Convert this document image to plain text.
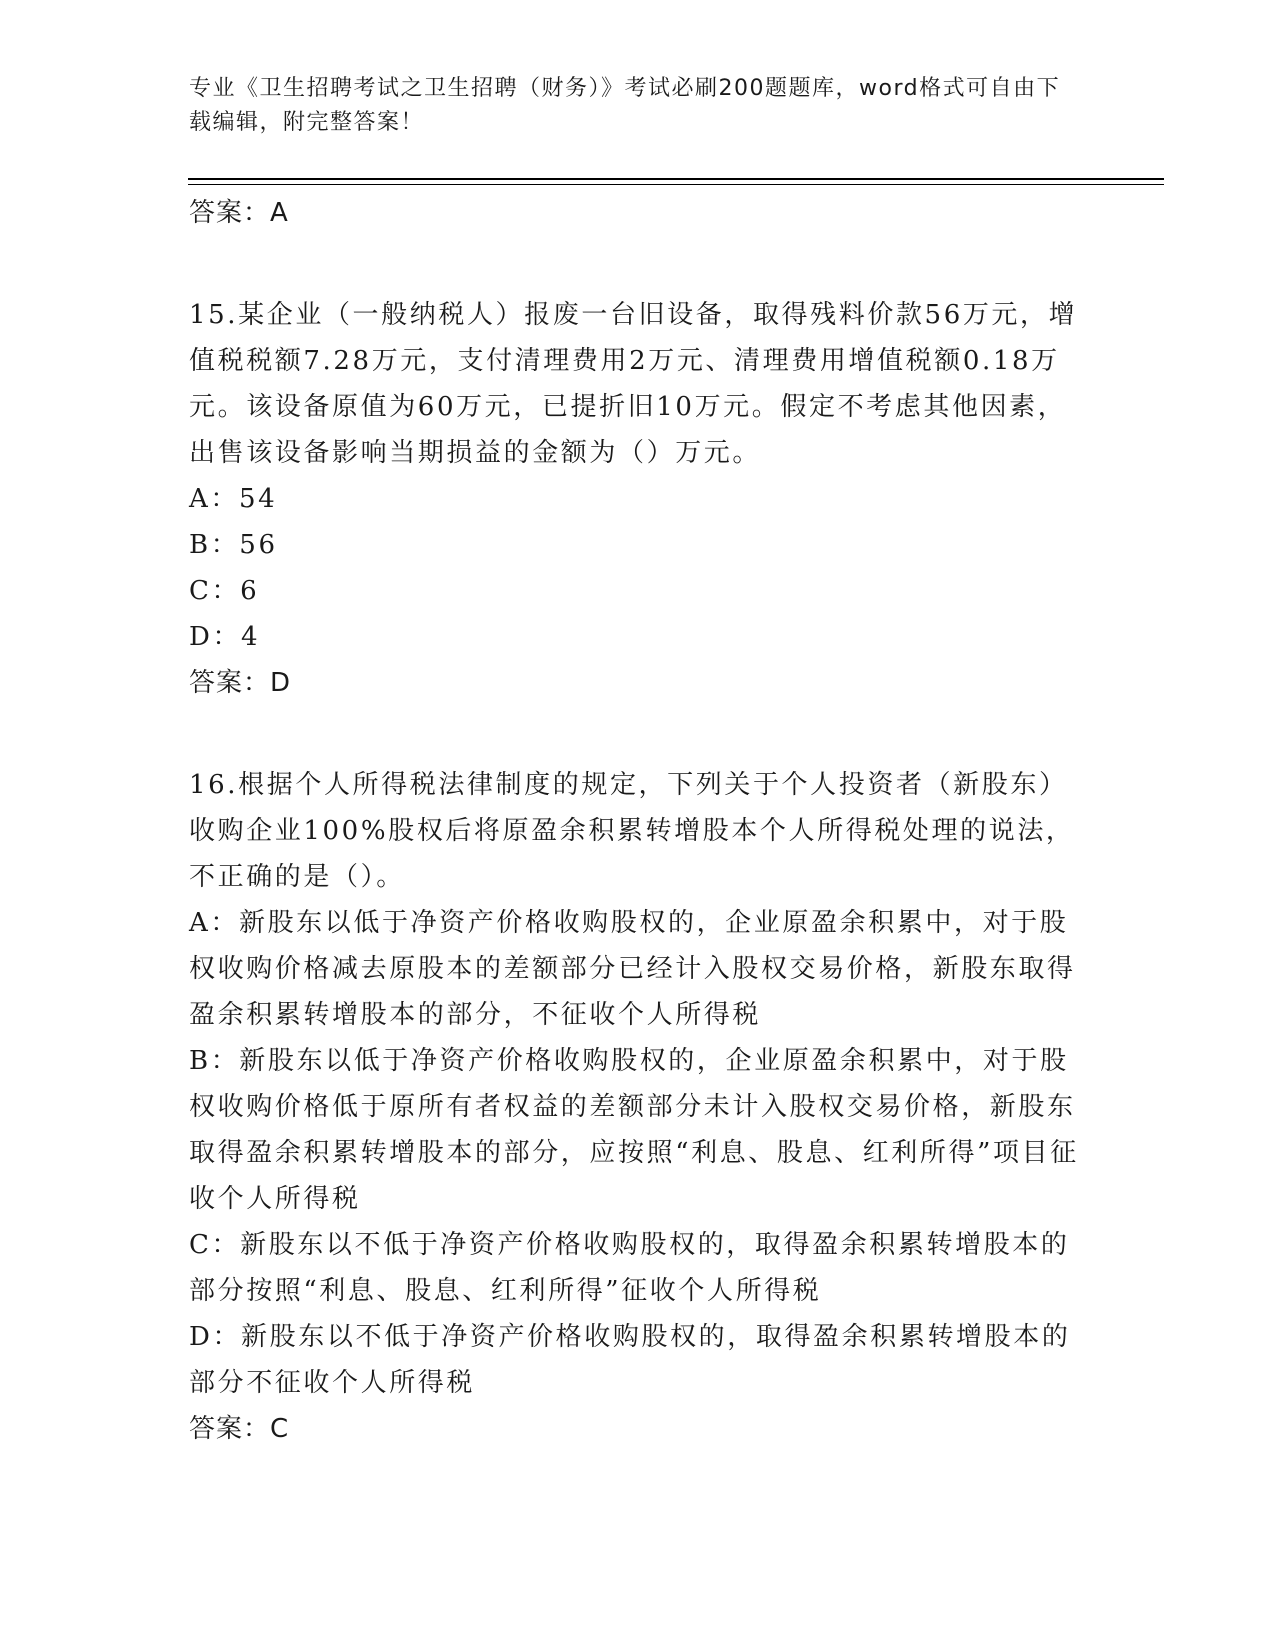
专业《卫生招聘考试之卫生招聘（财务）》考试必刷200题题库，word格式可自由下载编辑，附完整答案！

答案：A

15.某企业（一般纳税人）报废一台旧设备，取得残料价款56万元，增值税税额7.28万元，支付清理费用2万元、清理费用增值税额0.18万元。该设备原值为60万元，已提折旧10万元。假定不考虑其他因素，出售该设备影响当期损益的金额为（）万元。

A：54

B：56

C：6

D：4

答案：D

16.根据个人所得税法律制度的规定，下列关于个人投资者（新股东）收购企业100%股权后将原盈余积累转增股本个人所得税处理的说法，不正确的是（）。

A：新股东以低于净资产价格收购股权的，企业原盈余积累中，对于股权收购价格减去原股本的差额部分已经计入股权交易价格，新股东取得盈余积累转增股本的部分，不征收个人所得税

B：新股东以低于净资产价格收购股权的，企业原盈余积累中，对于股权收购价格低于原所有者权益的差额部分未计入股权交易价格，新股东取得盈余积累转增股本的部分，应按照“利息、股息、红利所得”项目征收个人所得税

C：新股东以不低于净资产价格收购股权的，取得盈余积累转增股本的部分按照“利息、股息、红利所得”征收个人所得税

D：新股东以不低于净资产价格收购股权的，取得盈余积累转增股本的部分不征收个人所得税

答案：C
